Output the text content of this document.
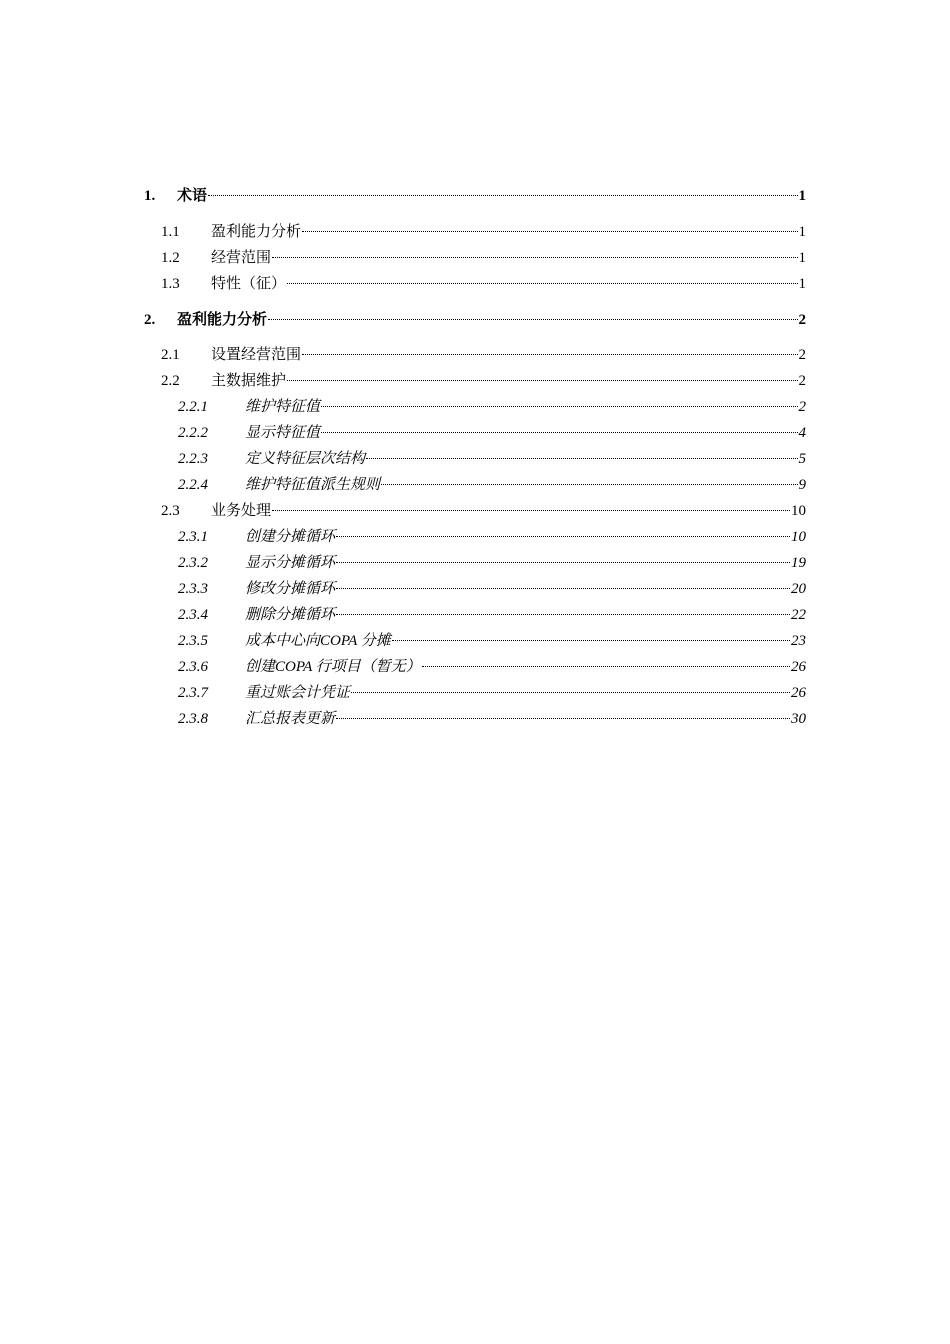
1.	术语	1
1.1	盈利能力分析	1
1.2	经营范围	1
1.3	特性（征）	1
2.	盈利能力分析	2
2.1	设置经营范围	2
2.2	主数据维护	2
2.2.1	维护特征值	2
2.2.2	显示特征值	4
2.2.3	定义特征层次结构	5
2.2.4	维护特征值派生规则	9
2.3	业务处理	10
2.3.1	创建分摊循环	10
2.3.2	显示分摊循环	19
2.3.3	修改分摊循环	20
2.3.4	删除分摊循环	22
2.3.5	成本中心向COPA 分摊	23
2.3.6	创建COPA 行项目（暂无）	26
2.3.7	重过账会计凭证	26
2.3.8	汇总报表更新	30
